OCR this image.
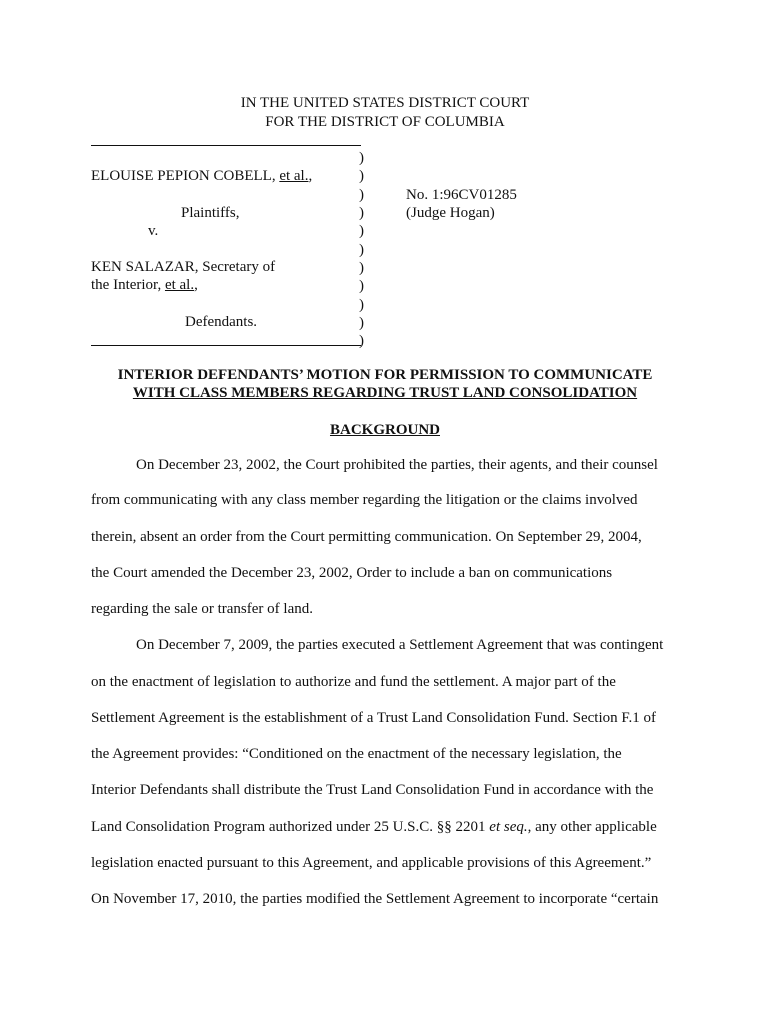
IN THE UNITED STATES DISTRICT COURT
FOR THE DISTRICT OF COLUMBIA
ELOUISE PEPION COBELL, et al.,
Plaintiffs,
v.
KEN SALAZAR, Secretary of
the Interior, et al.,
Defendants.
)
)
)
)
)
)
)
)
)
)
)
No. 1:96CV01285
(Judge Hogan)
INTERIOR DEFENDANTS’ MOTION FOR PERMISSION TO COMMUNICATE
WITH CLASS MEMBERS REGARDING TRUST LAND CONSOLIDATION
BACKGROUND
On December 23, 2002, the Court prohibited the parties, their agents, and their counsel
from communicating with any class member regarding the litigation or the claims involved
therein, absent an order from the Court permitting communication. On September 29, 2004,
the Court amended the December 23, 2002, Order to include a ban on communications
regarding the sale or transfer of land.
On December 7, 2009, the parties executed a Settlement Agreement that was contingent
on the enactment of legislation to authorize and fund the settlement. A major part of the
Settlement Agreement is the establishment of a Trust Land Consolidation Fund. Section F.1 of
the Agreement provides: “Conditioned on the enactment of the necessary legislation, the
Interior Defendants shall distribute the Trust Land Consolidation Fund in accordance with the
Land Consolidation Program authorized under 25 U.S.C. §§ 2201 et seq., any other applicable
legislation enacted pursuant to this Agreement, and applicable provisions of this Agreement.”
On November 17, 2010, the parties modified the Settlement Agreement to incorporate “certain
